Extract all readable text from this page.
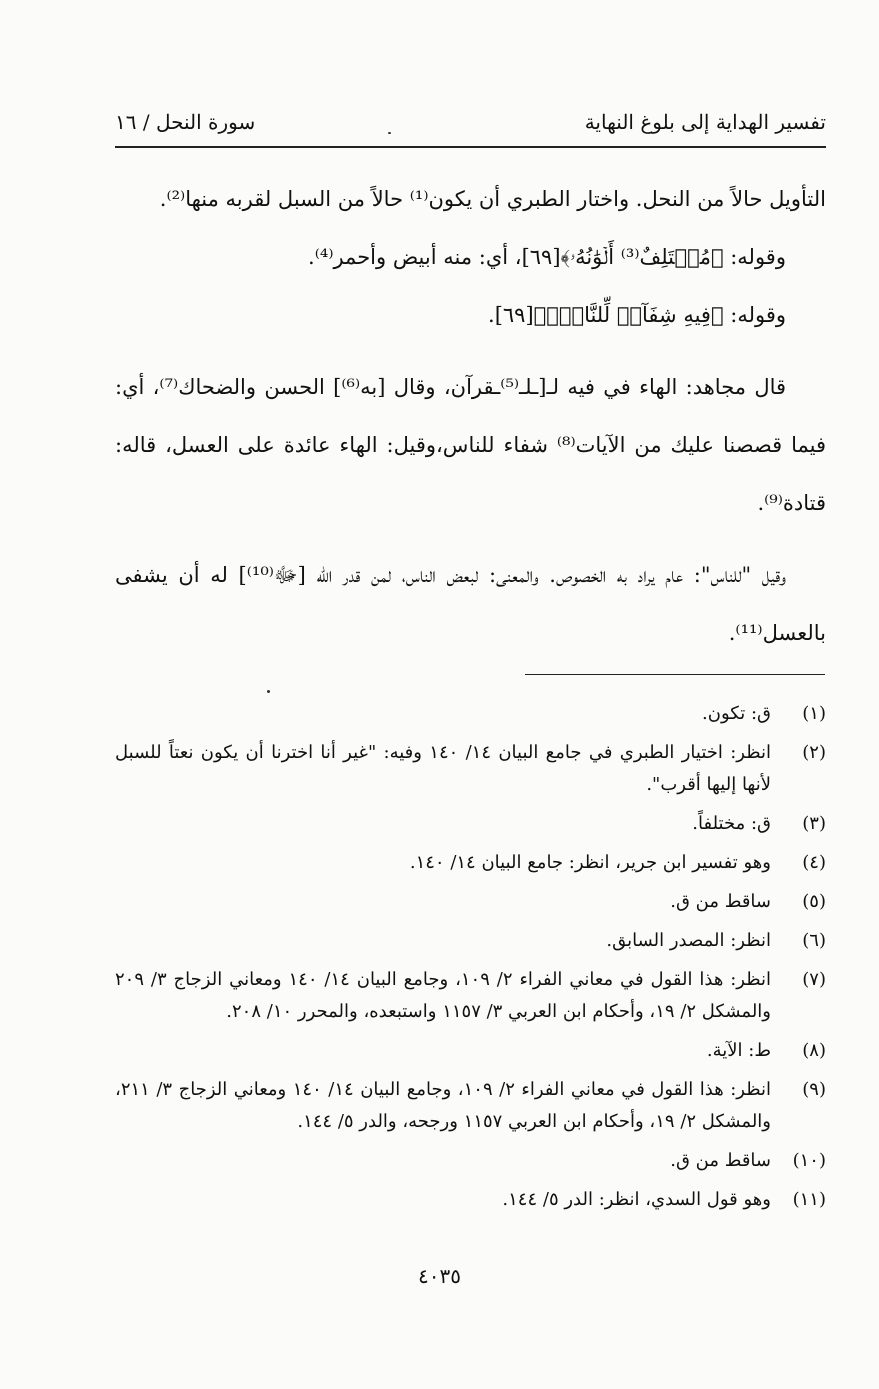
تفسير الهداية إلى بلوغ النهاية
سورة النحل / ١٦

التأويل حالاً من النحل. واختار الطبري أن يكون⁽¹⁾ حالاً من السبل لقربه منها⁽²⁾.

وقوله: ﴿مُخۡتَلِفٌ⁽³⁾ أَلۡوَٰنُهُۥ﴾[٦٩]، أي: منه أبيض وأحمر⁽⁴⁾.

وقوله: ﴿فِيهِ شِفَآءٞ لِّلنَّاسِۚ﴾[٦٩].

قال مجاهد: الهاء في فيه لـ[ـلـ⁽⁵⁾ـقرآن، وقال [به⁽⁶⁾] الحسن والضحاك⁽⁷⁾، أي: فيما قصصنا عليك من الآيات⁽⁸⁾ شفاء للناس،وقيل: الهاء عائدة على العسل، قاله: قتادة⁽⁹⁾.

وقيل "للناس": عام يراد به الخصوص. والمعنى: لبعض الناس، لمن قدر الله [ﷻ⁽¹⁰⁾] له أن يشفى بالعسل⁽¹¹⁾.

(١)
ق: تكون.
(٢)
انظر: اختيار الطبري في جامع البيان ١٤/ ١٤٠ وفيه: "غير أنا اخترنا أن يكون نعتاً للسبل لأنها إليها أقرب".
(٣)
ق: مختلفاً.
(٤)
وهو تفسير ابن جرير، انظر: جامع البيان ١٤/ ١٤٠.
(٥)
ساقط من ق.
(٦)
انظر: المصدر السابق.
(٧)
انظر: هذا القول في معاني الفراء ٢/ ١٠٩، وجامع البيان ١٤/ ١٤٠ ومعاني الزجاج ٣/ ٢٠٩ والمشكل ٢/ ١٩، وأحكام ابن العربي ٣/ ١١٥٧ واستبعده، والمحرر ١٠/ ٢٠٨.
(٨)
ط: الآية.
(٩)
انظر: هذا القول في معاني الفراء ٢/ ١٠٩، وجامع البيان ١٤/ ١٤٠ ومعاني الزجاج ٣/ ٢١١، والمشكل ٢/ ١٩، وأحكام ابن العربي ١١٥٧ ورجحه، والدر ٥/ ١٤٤.
(١٠)
ساقط من ق.
(١١)
وهو قول السدي، انظر: الدر ٥/ ١٤٤.
٤٠٣٥
